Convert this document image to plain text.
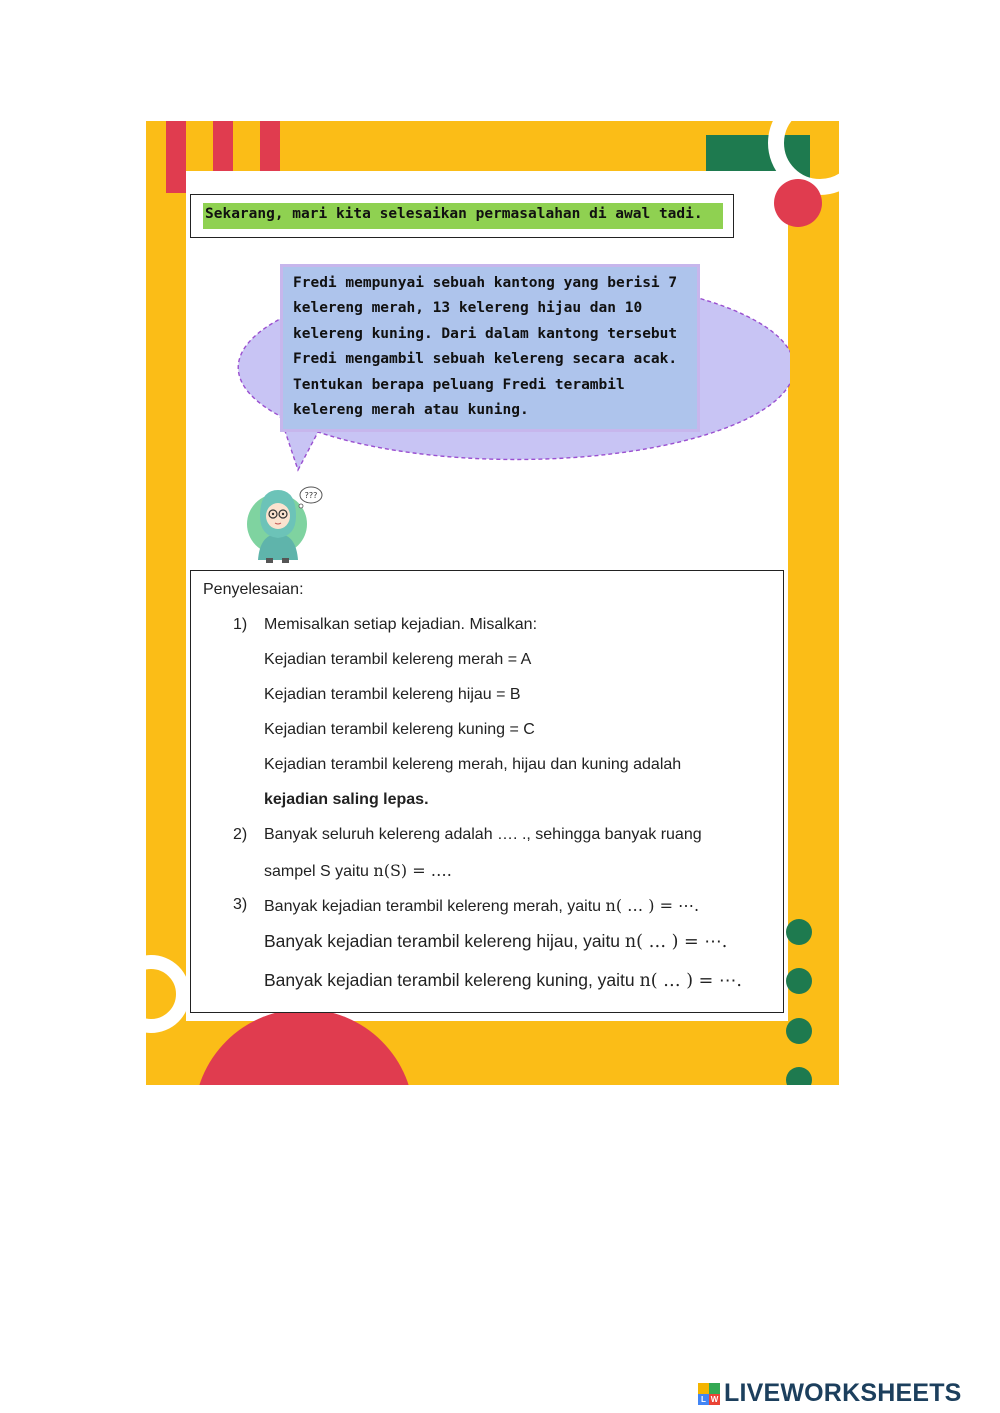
Sekarang, mari kita selesaikan permasalahan di awal tadi.

Fredi mempunyai sebuah kantong yang berisi 7
kelereng merah, 13 kelereng hijau dan 10
kelereng kuning. Dari dalam kantong tersebut
Fredi mengambil sebuah kelereng secara acak.
Tentukan berapa peluang Fredi terambil
kelereng merah atau kuning.

???
Penyelesaian:
1) Memisalkan setiap kejadian. Misalkan:
Kejadian terambil kelereng merah = A
Kejadian terambil kelereng hijau = B
Kejadian terambil kelereng kuning = C
Kejadian terambil kelereng merah, hijau dan kuning adalah
kejadian saling lepas.
2) Banyak seluruh kelereng adalah …. ., sehingga banyak ruang
sampel S yaitu n(S) = ….
3) Banyak kejadian terambil kelereng merah, yaitu n( … ) = ⋯.
Banyak kejadian terambil kelereng hijau, yaitu n( … ) = ⋯.
Banyak kejadian terambil kelereng kuning, yaitu n( … ) = ⋯.
L W LIVEWORKSHEETS
